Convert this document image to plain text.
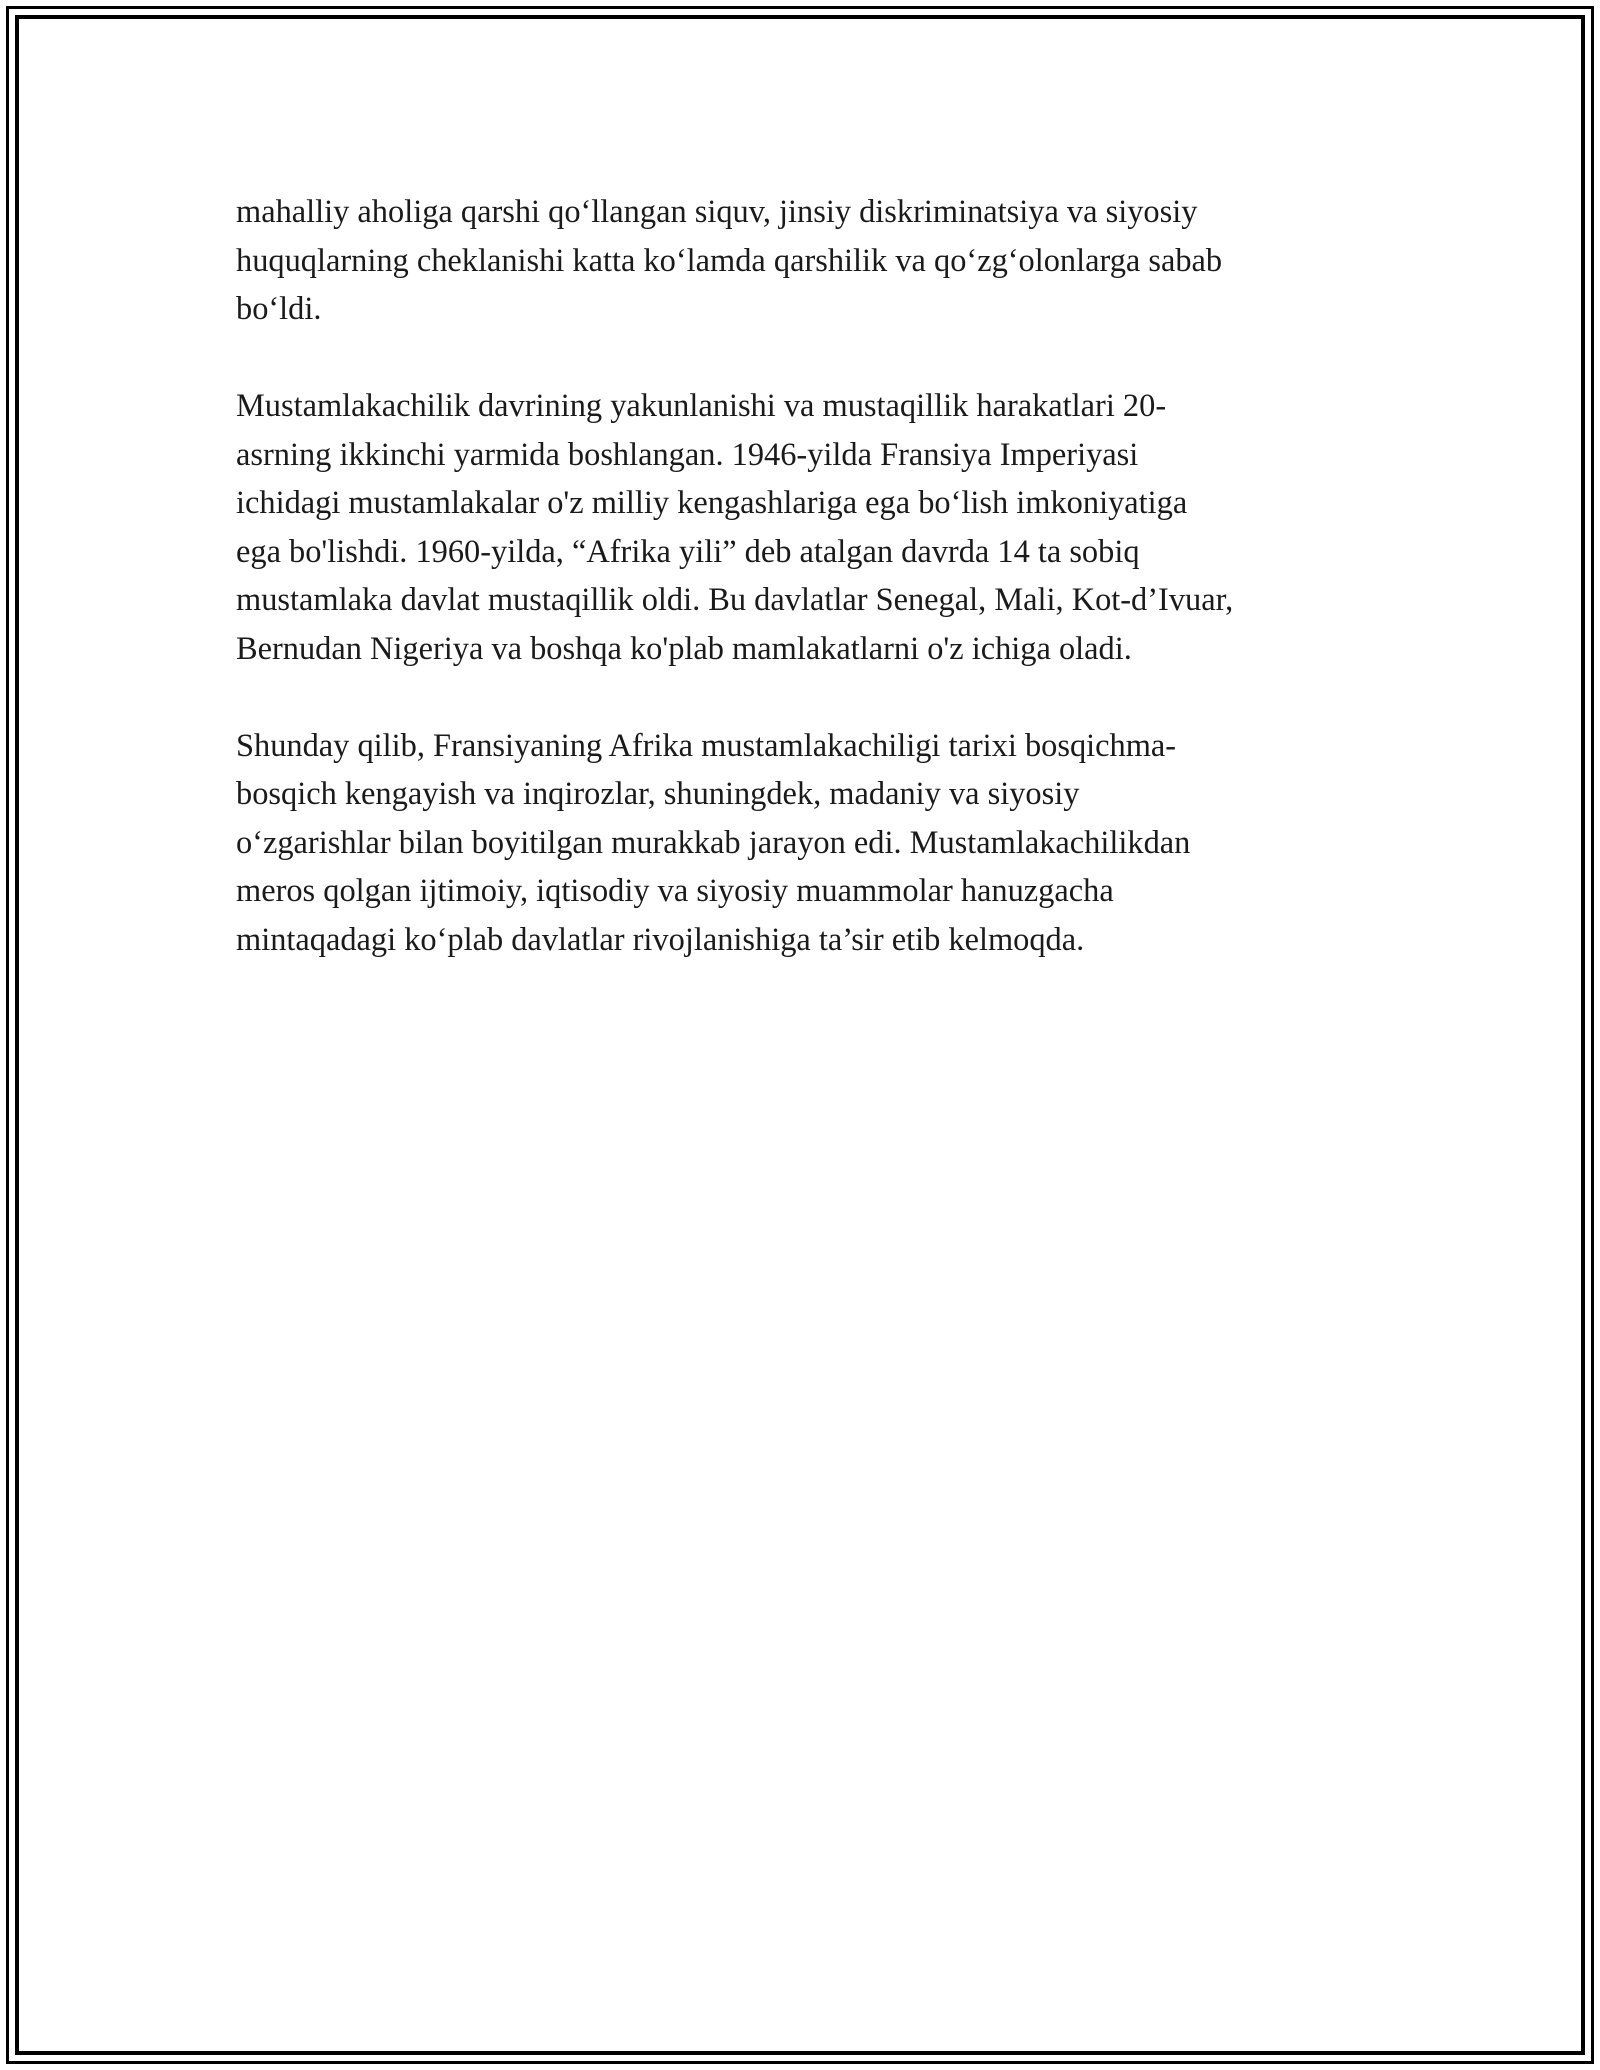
mahalliy aholiga qarshi qo‘llangan siquv, jinsiy diskriminatsiya va siyosiy
huquqlarning cheklanishi katta ko‘lamda qarshilik va qo‘zg‘olonlarga sabab
bo‘ldi.

Mustamlakachilik davrining yakunlanishi va mustaqillik harakatlari 20-
asrning ikkinchi yarmida boshlangan. 1946-yilda Fransiya Imperiyasi
ichidagi mustamlakalar o'z milliy kengashlariga ega bo‘lish imkoniyatiga
ega bo'lishdi. 1960-yilda, “Afrika yili” deb atalgan davrda 14 ta sobiq
mustamlaka davlat mustaqillik oldi. Bu davlatlar Senegal, Mali, Kot-d’Ivuar,
Bernudan Nigeriya va boshqa ko'plab mamlakatlarni o'z ichiga oladi.

Shunday qilib, Fransiyaning Afrika mustamlakachiligi tarixi bosqichma-
bosqich kengayish va inqirozlar, shuningdek, madaniy va siyosiy
o‘zgarishlar bilan boyitilgan murakkab jarayon edi. Mustamlakachilikdan
meros qolgan ijtimoiy, iqtisodiy va siyosiy muammolar hanuzgacha
mintaqadagi ko‘plab davlatlar rivojlanishiga ta’sir etib kelmoqda.
